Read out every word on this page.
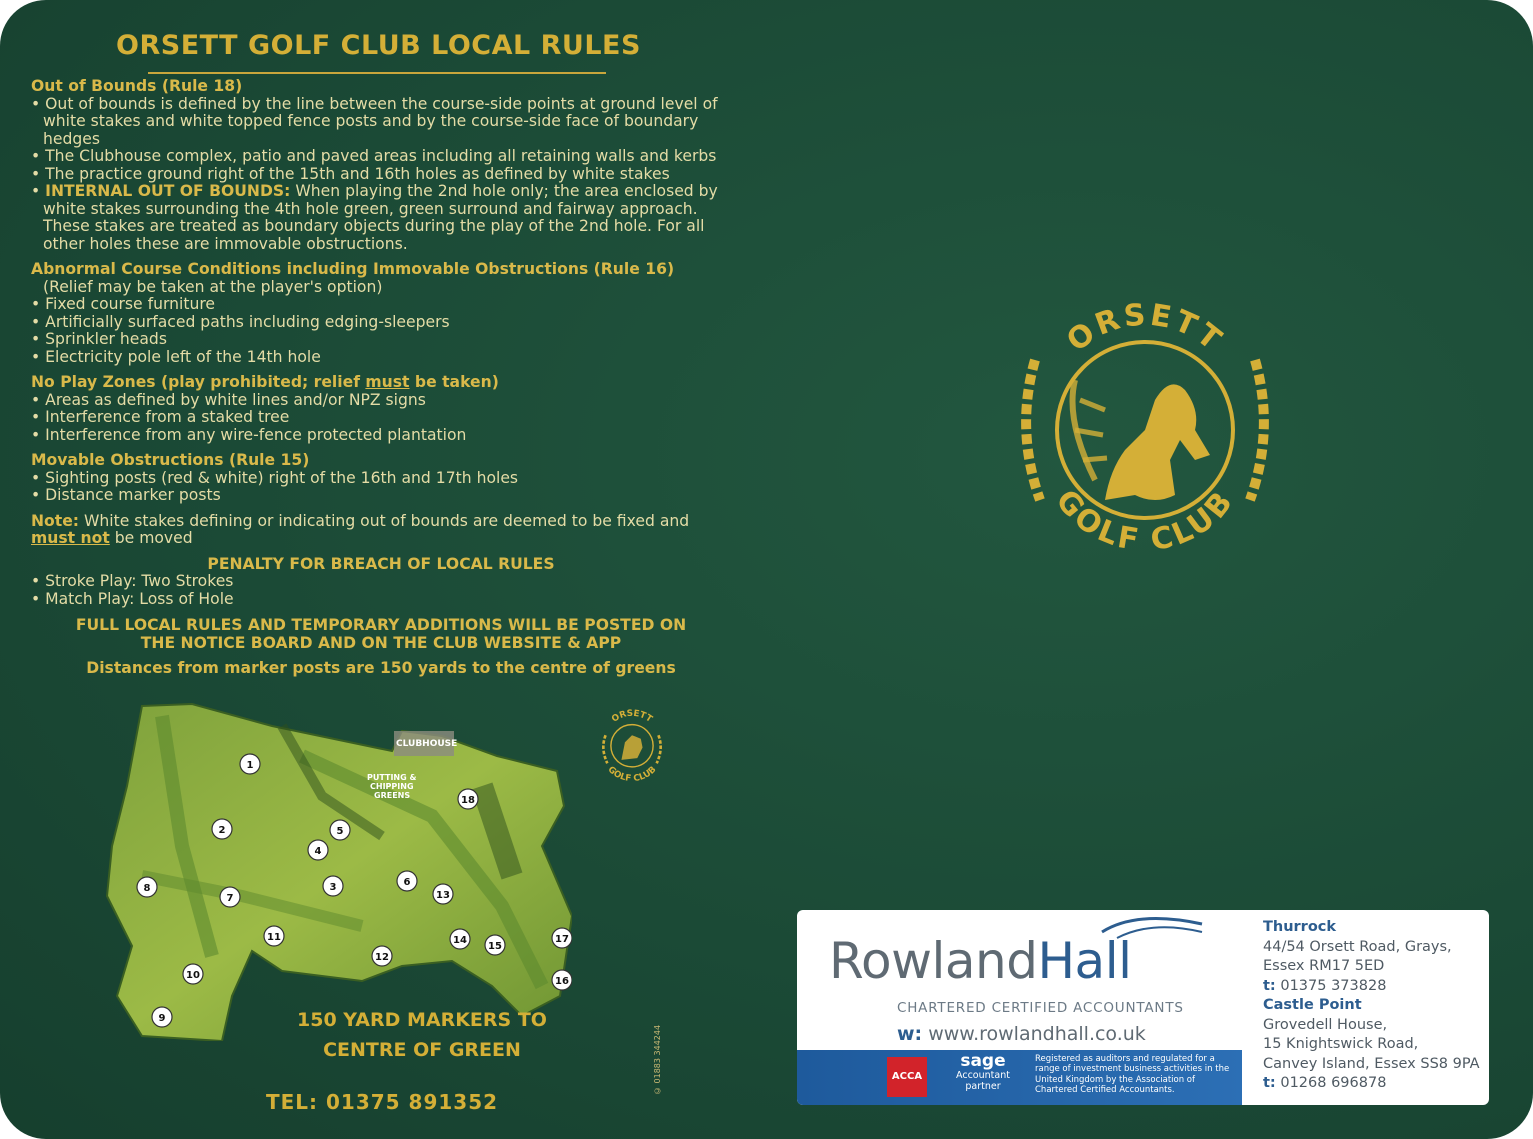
ORSETT GOLF CLUB LOCAL RULES
Out of Bounds (Rule 18)
• Out of bounds is defined by the line between the course-side points at ground level of white stakes and white topped fence posts and by the course-side face of boundary hedges
• The Clubhouse complex, patio and paved areas including all retaining walls and kerbs
• The practice ground right of the 15th and 16th holes as defined by white stakes
• INTERNAL OUT OF BOUNDS: When playing the 2nd hole only; the area enclosed by white stakes surrounding the 4th hole green, green surround and fairway approach. These stakes are treated as boundary objects during the play of the 2nd hole. For all other holes these are immovable obstructions.
Abnormal Course Conditions including Immovable Obstructions (Rule 16)
(Relief may be taken at the player's option)
• Fixed course furniture
• Artificially surfaced paths including edging-sleepers
• Sprinkler heads
• Electricity pole left of the 14th hole
No Play Zones (play prohibited; relief must be taken)
• Areas as defined by white lines and/or NPZ signs
• Interference from a staked tree
• Interference from any wire-fence protected plantation
Movable Obstructions (Rule 15)
• Sighting posts (red & white) right of the 16th and 17th holes
• Distance marker posts
Note: White stakes defining or indicating out of bounds are deemed to be fixed and must not be moved
PENALTY FOR BREACH OF LOCAL RULES
• Stroke Play: Two Strokes
• Match Play: Loss of Hole
FULL LOCAL RULES AND TEMPORARY ADDITIONS WILL BE POSTED ON THE NOTICE BOARD AND ON THE CLUB WEBSITE & APP
Distances from marker posts are 150 yards to the centre of greens
CLUBHOUSE
PUTTING &
CHIPPING
GREENS
1
2
3
4
5
6
7
8
9
10
11
12
13
14
15
16
17
18
150 YARD MARKERS TO
CENTRE OF GREEN
TEL: 01375 891352
© 01883 344244
ORSETT
GOLF CLUB
ORSETT
GOLF CLUB
RowlandHall
CHARTERED CERTIFIED ACCOUNTANTS
w: www.rowlandhall.co.uk
ACCA
sage
Accountant
partner
Registered as auditors and regulated for a range of investment business activities in the United Kingdom by the Association of Chartered Certified Accountants.
Thurrock
44/54 Orsett Road, Grays,
Essex RM17 5ED
t: 01375 373828
Castle Point
Grovedell House,
15 Knightswick Road,
Canvey Island, Essex SS8 9PA
t: 01268 696878
